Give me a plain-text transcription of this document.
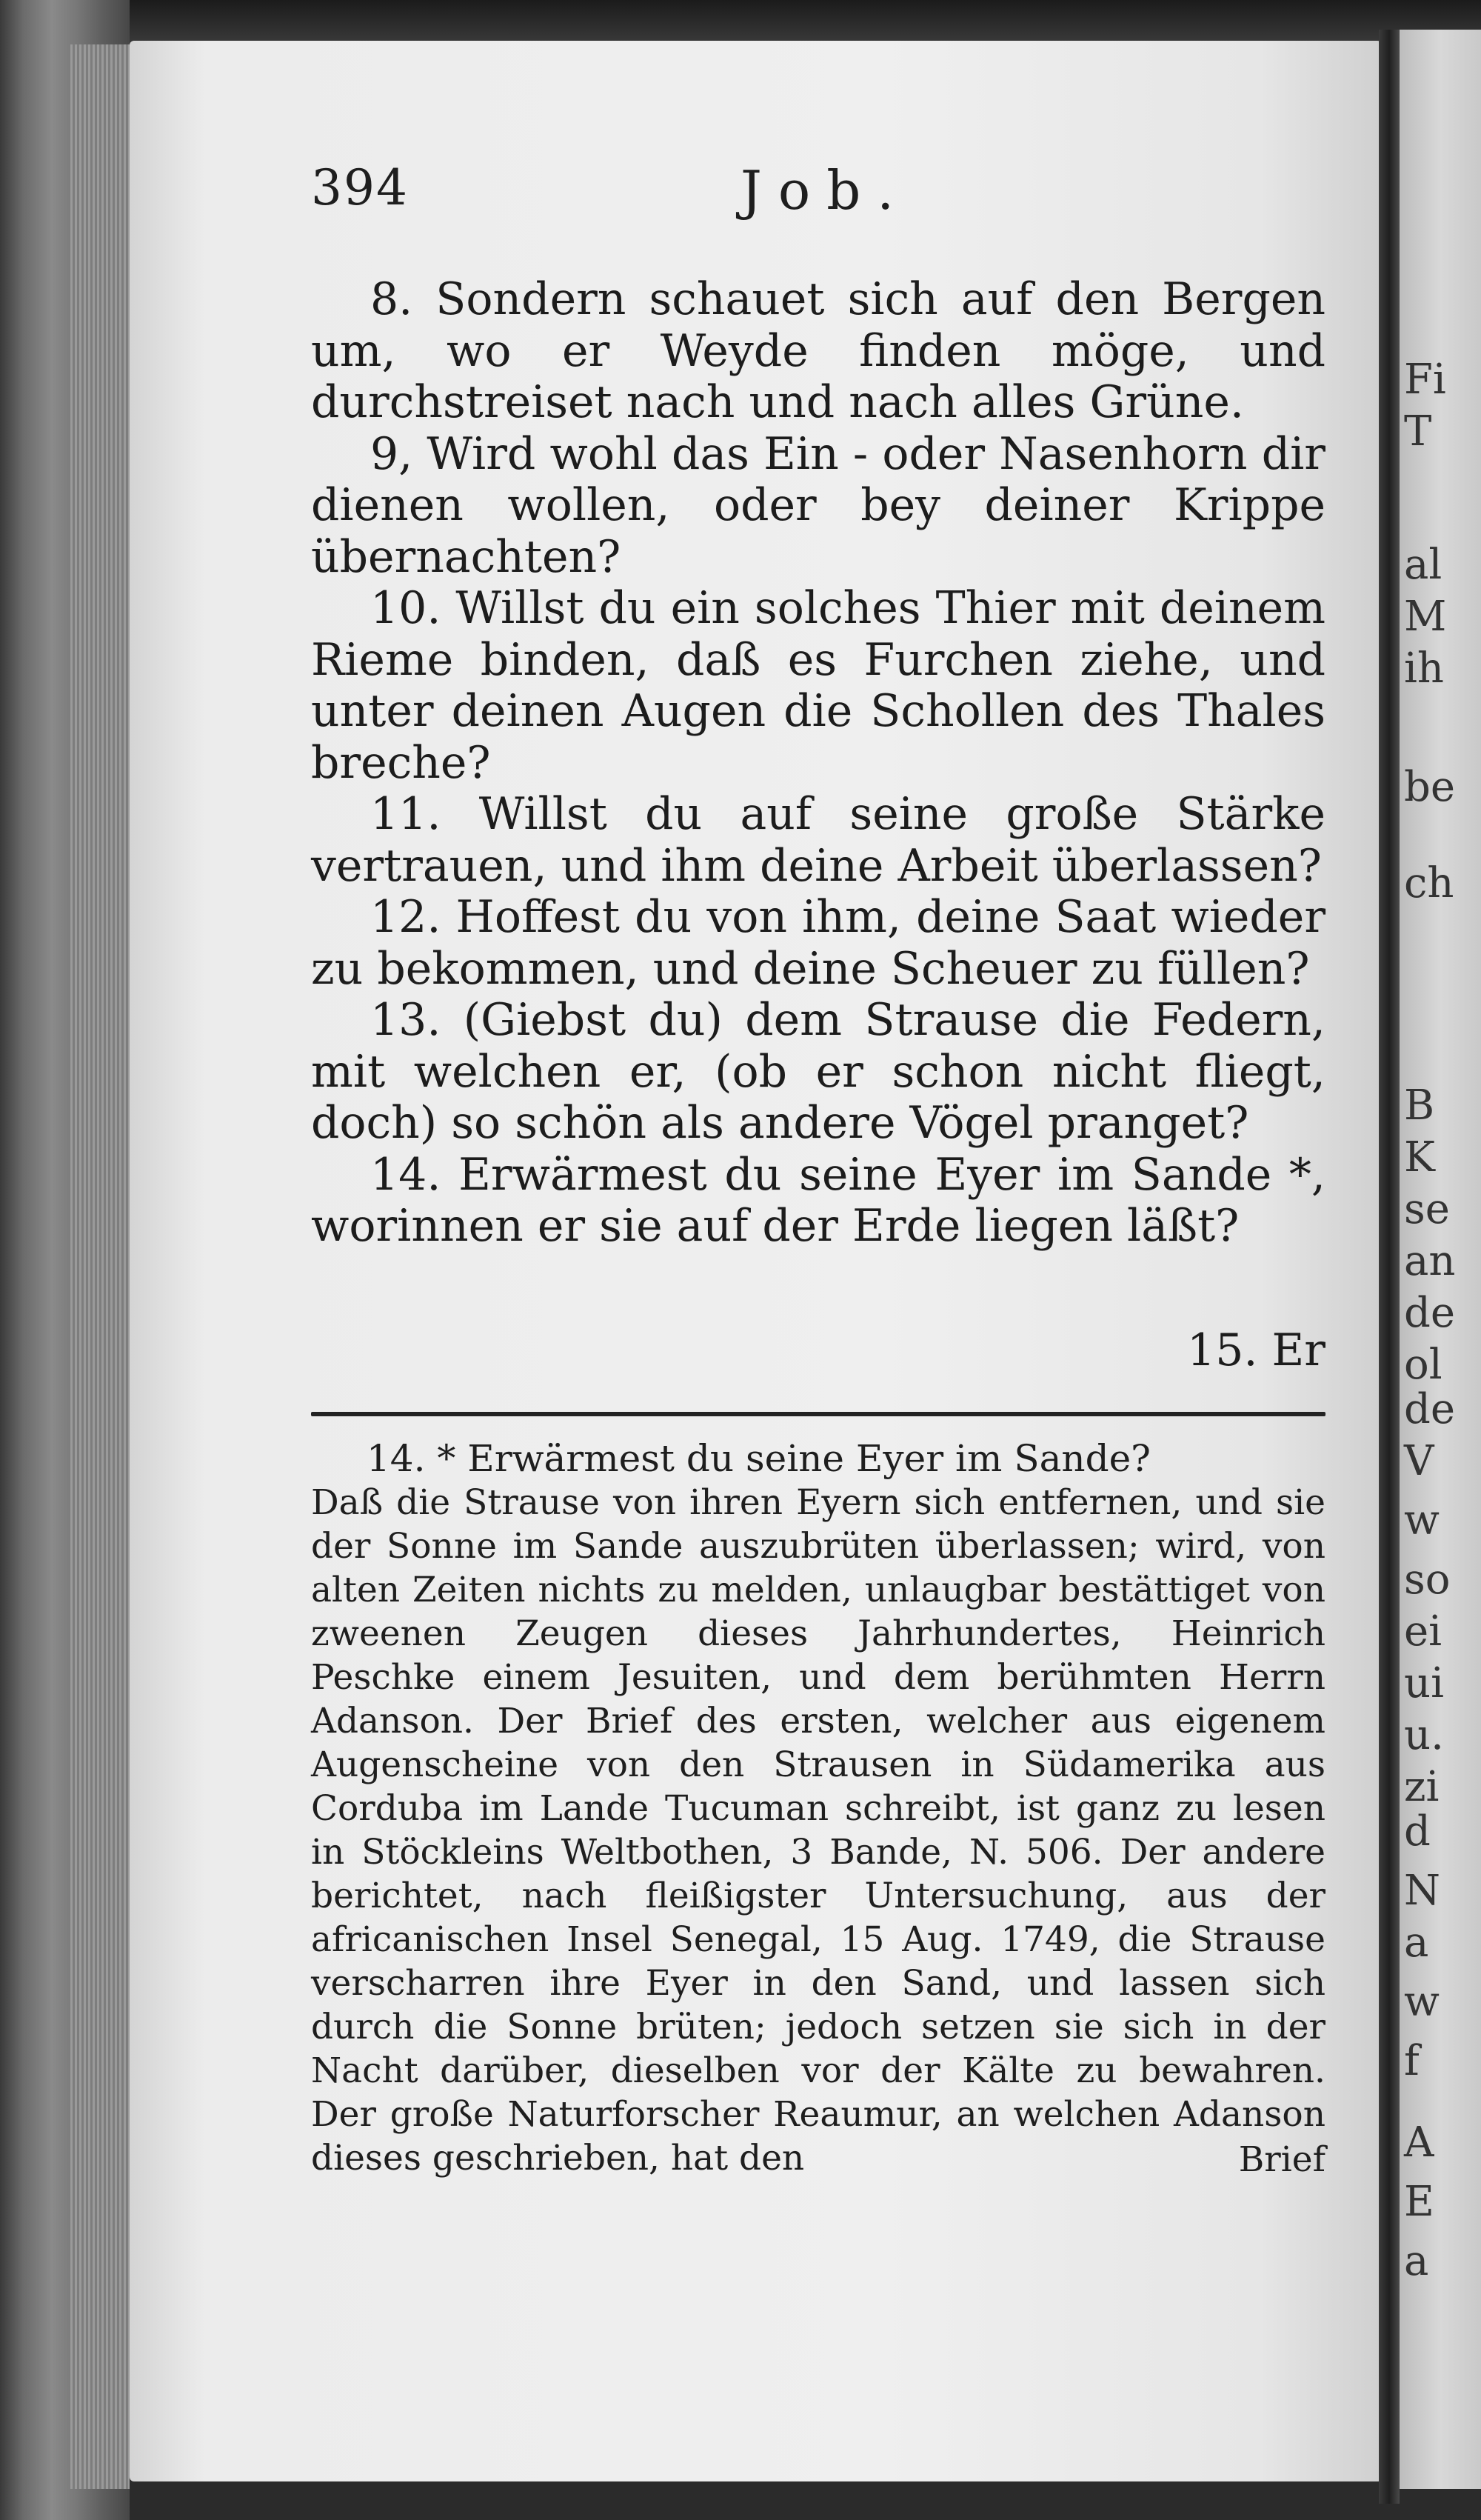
Fi
T
al
M
ih
be
ch
B
K
se
an
de
ol
de
V
w
so
ei
ui
u.
zi
d
N
a
w
f
A
E
a
394	Job.

8. Sondern schauet sich auf den Bergen um, wo er Weyde finden möge, und durchstreiset nach und nach alles Grüne.

9, Wird wohl das Ein - oder Nasenhorn dir dienen wollen, oder bey deiner Krippe übernachten?

10. Willst du ein solches Thier mit deinem Rieme binden, daß es Furchen ziehe, und unter deinen Augen die Schollen des Thales breche?

11. Willst du auf seine große Stärke vertrauen, und ihm deine Arbeit überlassen?

12. Hoffest du von ihm, deine Saat wieder zu bekommen, und deine Scheuer zu füllen?

13. (Giebst du) dem Strause die Federn, mit welchen er, (ob er schon nicht fliegt, doch) so schön als andere Vögel pranget?

14. Erwärmest du seine Eyer im Sande *, worinnen er sie auf der Erde liegen läßt?

15. Er

14. * Erwärmest du seine Eyer im Sande?

Daß die Strause von ihren Eyern sich entfernen, und sie der Sonne im Sande auszubrüten überlassen; wird, von alten Zeiten nichts zu melden, unlaugbar bestättiget von zweenen Zeugen dieses Jahrhundertes, Heinrich Peschke einem Jesuiten, und dem berühmten Herrn Adanson. Der Brief des ersten, welcher aus eigenem Augenscheine von den Strausen in Südamerika aus Corduba im Lande Tucuman schreibt, ist ganz zu lesen in Stöckleins Weltbothen, 3 Bande, N. 506. Der andere berichtet, nach fleißigster Untersuchung, aus der africanischen Insel Senegal, 15 Aug. 1749, die Strause verscharren ihre Eyer in den Sand, und lassen sich durch die Sonne brüten; jedoch setzen sie sich in der Nacht darüber, dieselben vor der Kälte zu bewahren. Der große Naturforscher Reaumur, an welchen Adanson dieses geschrieben, hat den	Brief
